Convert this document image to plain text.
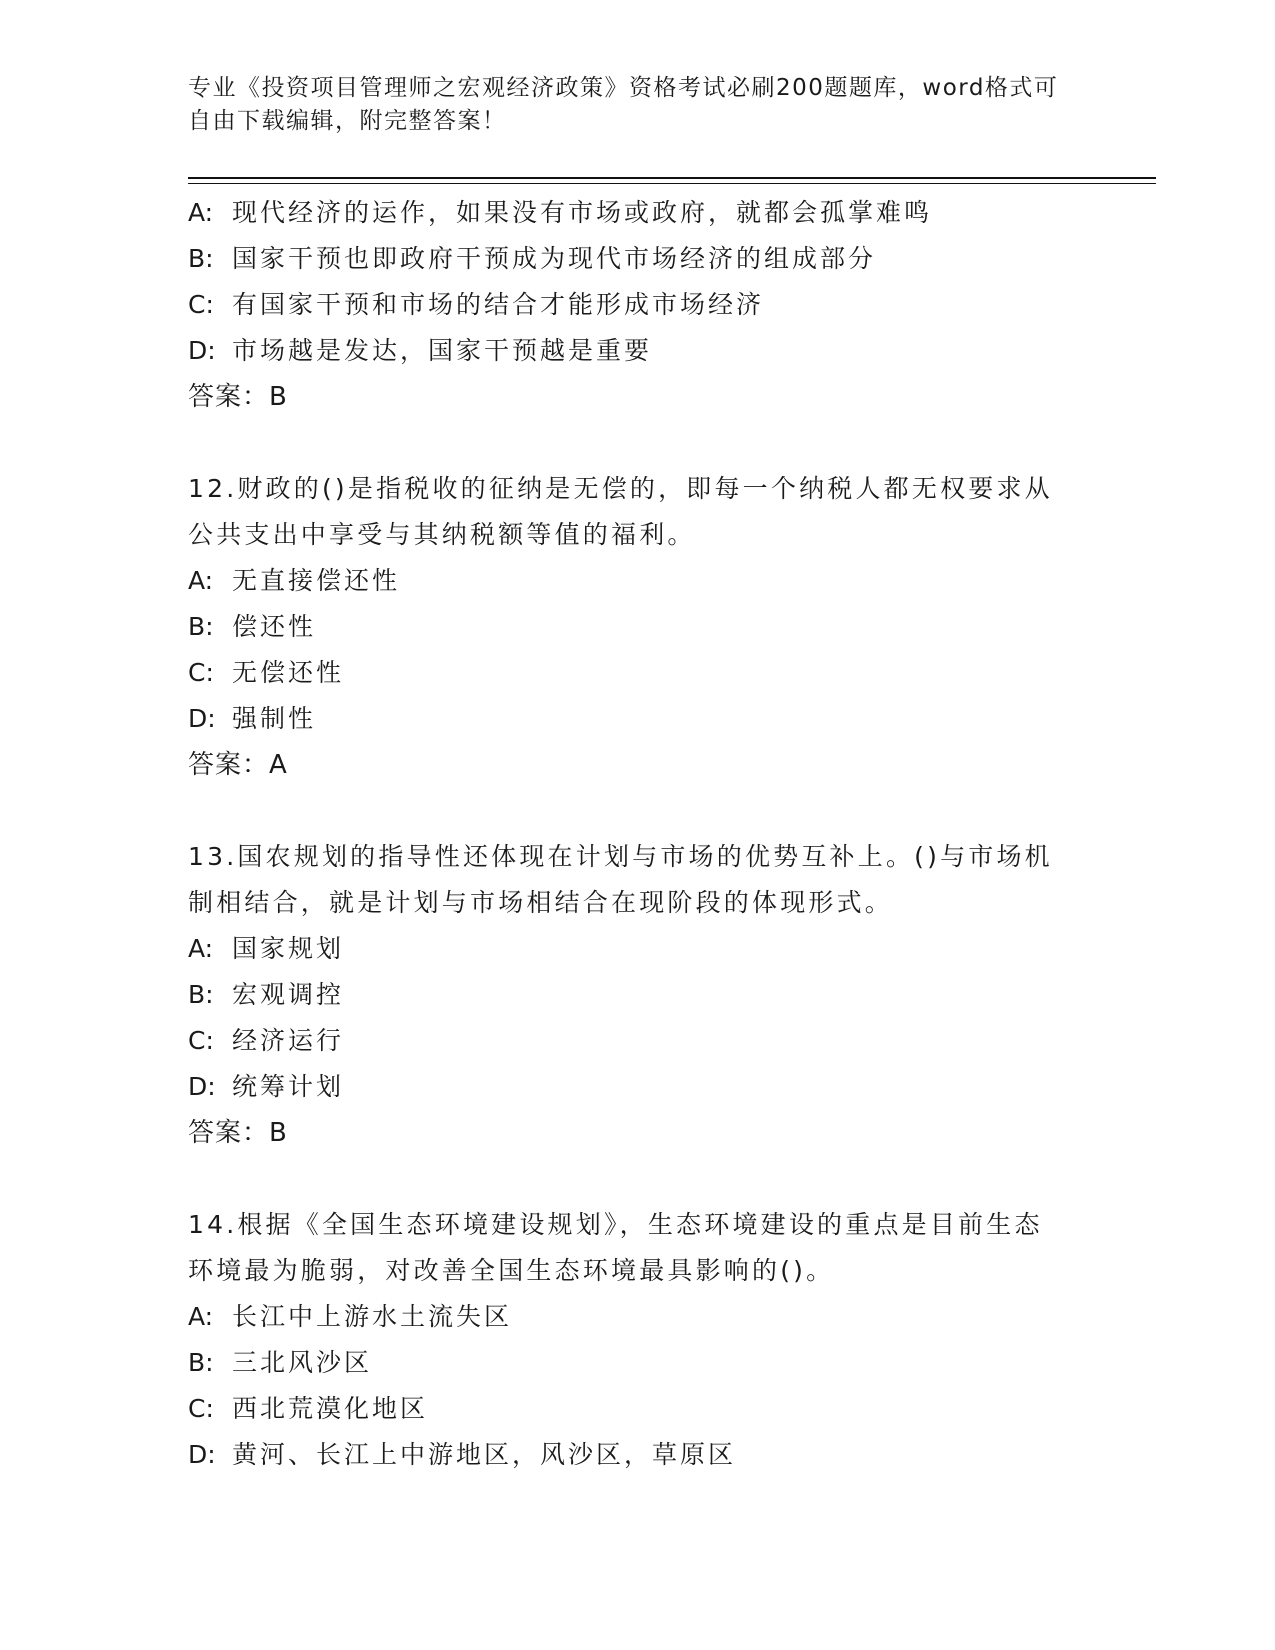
专业《投资项目管理师之宏观经济政策》资格考试必刷200题题库，word格式可
自由下载编辑，附完整答案！
A: 现代经济的运作，如果没有市场或政府，就都会孤掌难鸣
B: 国家干预也即政府干预成为现代市场经济的组成部分
C: 有国家干预和市场的结合才能形成市场经济
D: 市场越是发达，国家干预越是重要
答案：B
12.财政的()是指税收的征纳是无偿的，即每一个纳税人都无权要求从
公共支出中享受与其纳税额等值的福利。
A: 无直接偿还性
B: 偿还性
C: 无偿还性
D: 强制性
答案：A
13.国农规划的指导性还体现在计划与市场的优势互补上。()与市场机
制相结合，就是计划与市场相结合在现阶段的体现形式。
A: 国家规划
B: 宏观调控
C: 经济运行
D: 统筹计划
答案：B
14.根据《全国生态环境建设规划》，生态环境建设的重点是目前生态
环境最为脆弱，对改善全国生态环境最具影响的()。
A: 长江中上游水土流失区
B: 三北风沙区
C: 西北荒漠化地区
D: 黄河、长江上中游地区，风沙区，草原区
